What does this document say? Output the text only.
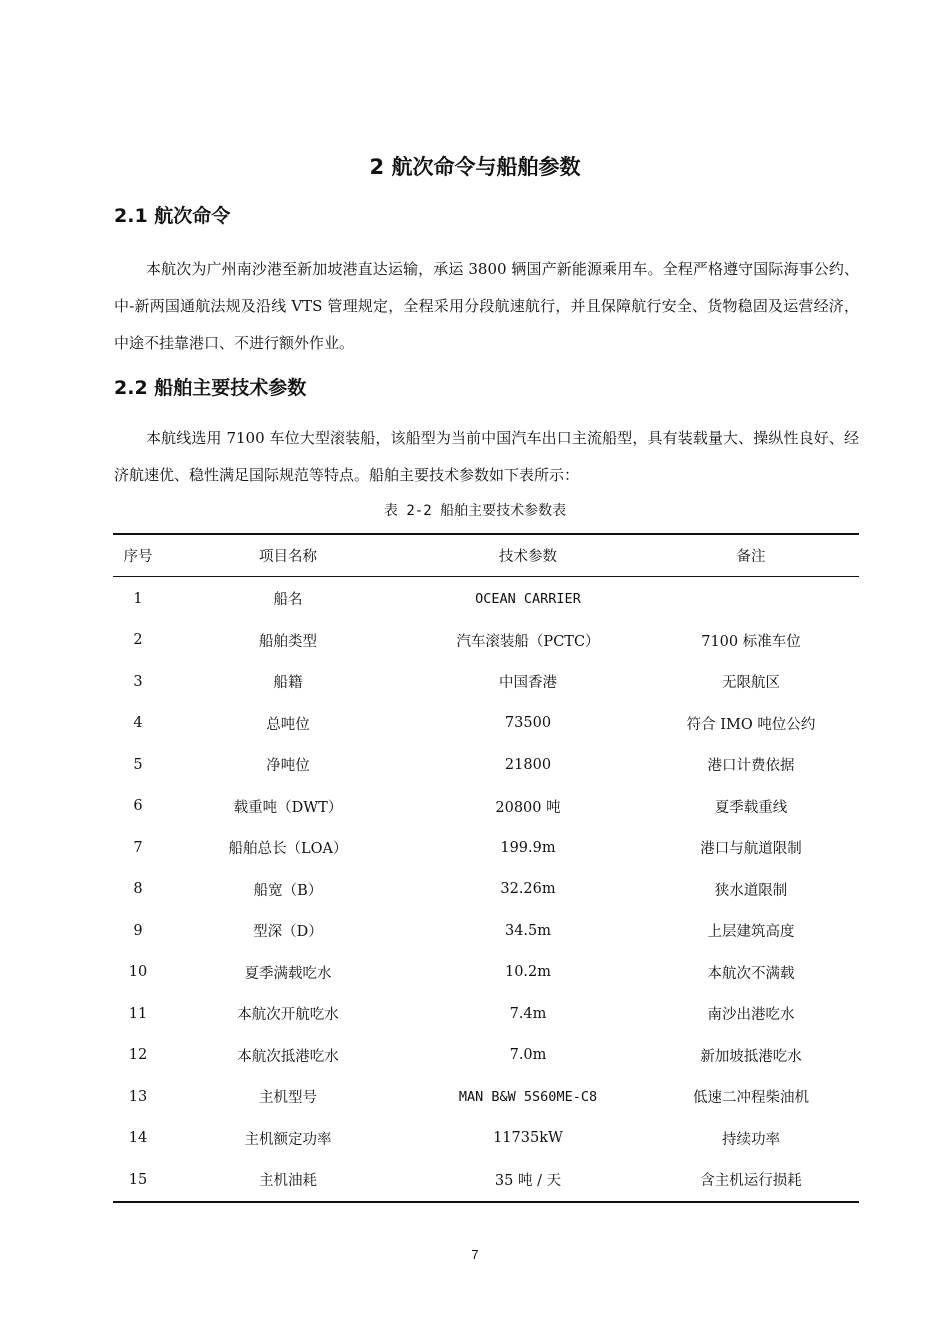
2 航次命令与船舶参数
2.1 航次命令

本航次为广州南沙港至新加坡港直达运输，承运 3800 辆国产新能源乘用车。全程严格遵守国际海事公约、中-新两国通航法规及沿线 VTS 管理规定，全程采用分段航速航行，并且保障航行安全、货物稳固及运营经济，中途不挂靠港口、不进行额外作业。

2.2 船舶主要技术参数

本航线选用 7100 车位大型滚装船，该船型为当前中国汽车出口主流船型，具有装载量大、操纵性良好、经济航速优、稳性满足国际规范等特点。船舶主要技术参数如下表所示：

表 2-2 船舶主要技术参数表
序号	项目名称	技术参数	备注
1	船名	OCEAN CARRIER	
2	船舶类型	汽车滚装船（PCTC）	7100 标准车位
3	船籍	中国香港	无限航区
4	总吨位	73500	符合 IMO 吨位公约
5	净吨位	21800	港口计费依据
6	载重吨（DWT）	20800 吨	夏季载重线
7	船舶总长（LOA）	199.9m	港口与航道限制
8	船宽（B）	32.26m	狭水道限制
9	型深（D）	34.5m	上层建筑高度
10	夏季满载吃水	10.2m	本航次不满载
11	本航次开航吃水	7.4m	南沙出港吃水
12	本航次抵港吃水	7.0m	新加坡抵港吃水
13	主机型号	MAN B&W 5S60ME-C8	低速二冲程柴油机
14	主机额定功率	11735kW	持续功率
15	主机油耗	35 吨 / 天	含主机运行损耗
7
